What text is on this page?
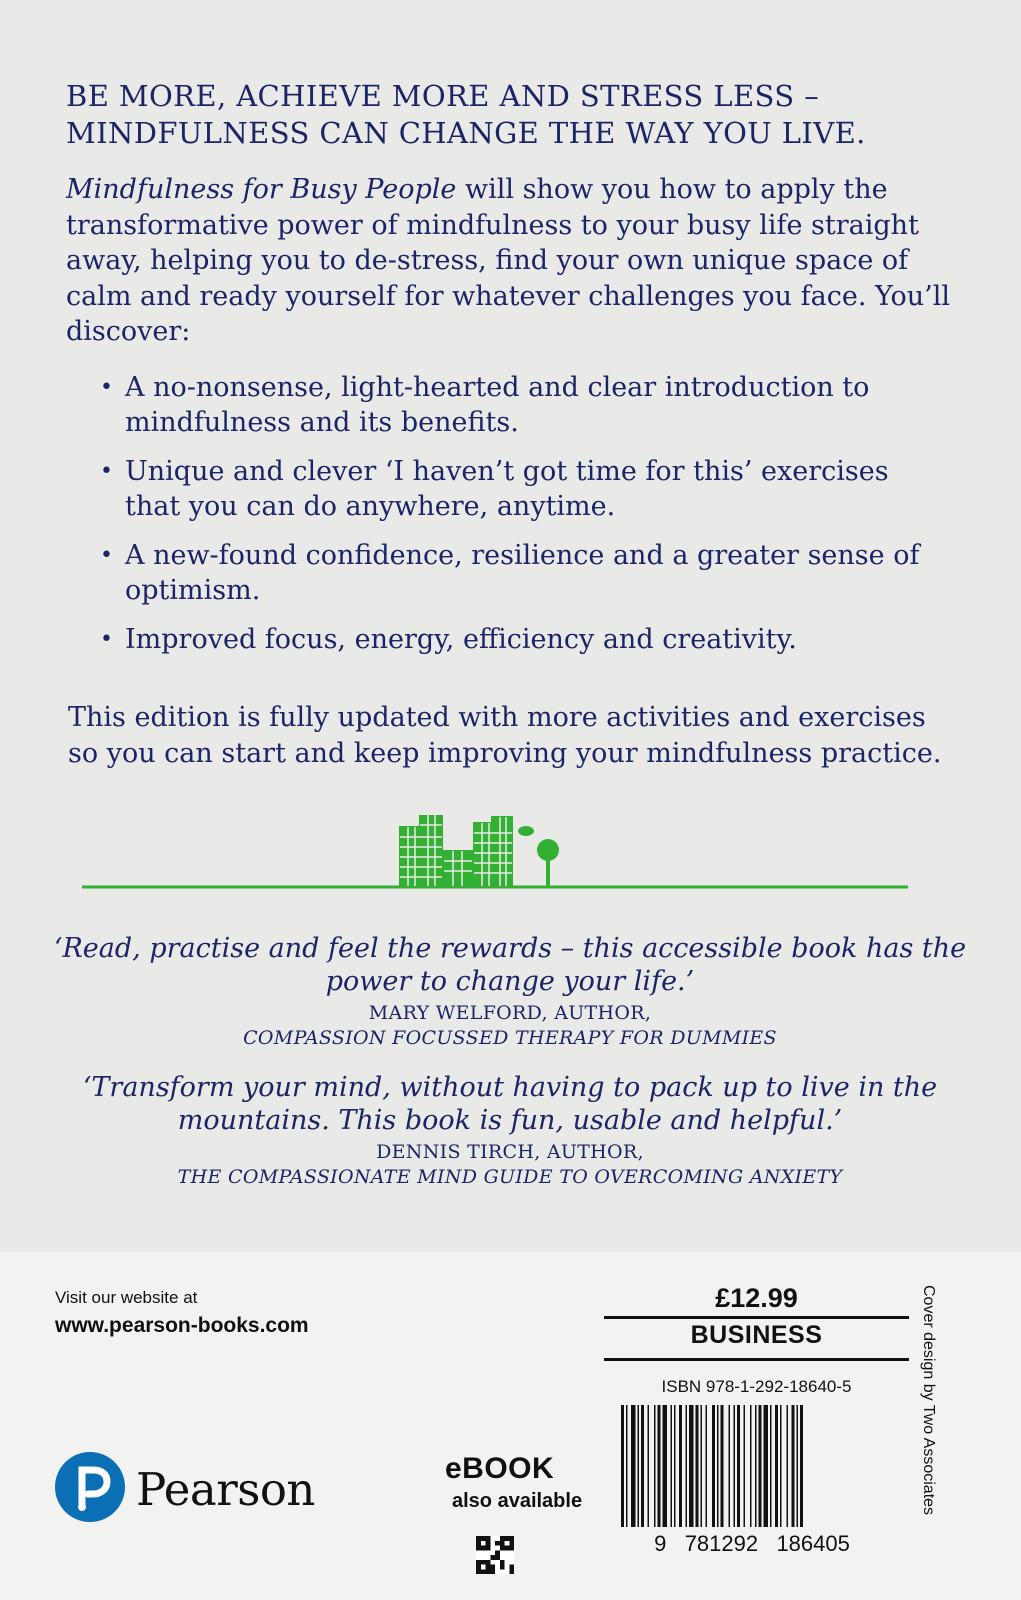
BE MORE, ACHIEVE MORE AND STRESS LESS –
MINDFULNESS CAN CHANGE THE WAY YOU LIVE.
Mindfulness for Busy People will show you how to apply the transformative power of mindfulness to your busy life straight away, helping you to de-stress, find your own unique space of calm and ready yourself for whatever challenges you face. You’ll discover:
• A no-nonsense, light-hearted and clear introduction to mindfulness and its benefits.
• Unique and clever ‘I haven’t got time for this’ exercises that you can do anywhere, anytime.
• A new-found confidence, resilience and a greater sense of optimism.
• Improved focus, energy, efficiency and creativity.
This edition is fully updated with more activities and exercises so you can start and keep improving your mindfulness practice.
‘Read, practise and feel the rewards – this accessible book has the power to change your life.’
MARY WELFORD, AUTHOR,
COMPASSION FOCUSSED THERAPY FOR DUMMIES
‘Transform your mind, without having to pack up to live in the mountains. This book is fun, usable and helpful.’
DENNIS TIRCH, AUTHOR,
THE COMPASSIONATE MIND GUIDE TO OVERCOMING ANXIETY
Visit our website at
www.pearson-books.com
Pearson	eBOOK
also available
£12.99
BUSINESS
ISBN 978-1-292-18640-5
9   781292   186405
Cover design by Two Associates
